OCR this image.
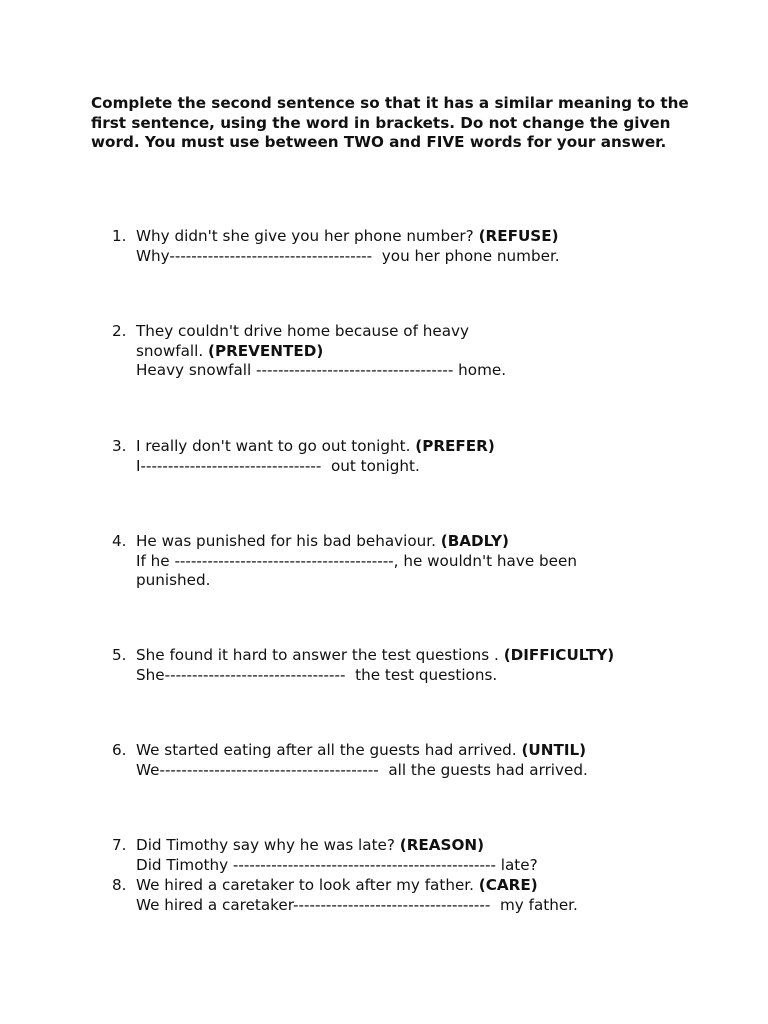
Complete the second sentence so that it has a similar meaning to the first sentence, using the word in brackets. Do not change the given word. You must use between TWO and FIVE words for your answer.
1. Why didn't she give you her phone number? (REFUSE)
Why-------------------------------------  you her phone number.
2. They couldn't drive home because of heavy snowfall. (PREVENTED)
Heavy snowfall ------------------------------------ home.
3. I really don't want to go out tonight. (PREFER)
I---------------------------------  out tonight.
4. He was punished for his bad behaviour. (BADLY)
If he ----------------------------------------, he wouldn't have been punished.
5. She found it hard to answer the test questions . (DIFFICULTY)
She---------------------------------  the test questions.
6. We started eating after all the guests had arrived. (UNTIL)
We----------------------------------------  all the guests had arrived.
7. Did Timothy say why he was late? (REASON)
Did Timothy ------------------------------------------------ late?
8. We hired a caretaker to look after my father. (CARE)
We hired a caretaker------------------------------------  my father.
